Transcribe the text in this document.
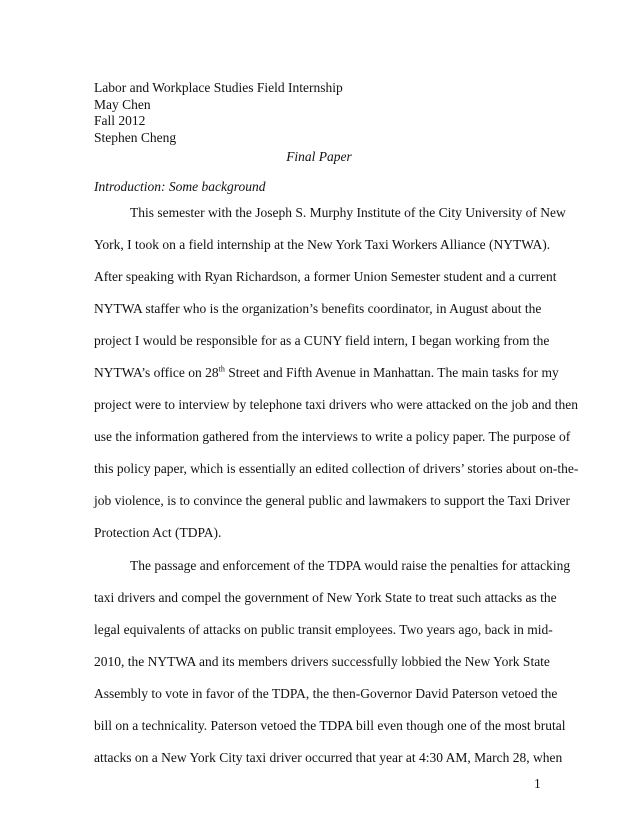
Labor and Workplace Studies Field Internship
May Chen
Fall 2012
Stephen Cheng
Final Paper
Introduction: Some background
This semester with the Joseph S. Murphy Institute of the City University of New
York, I took on a field internship at the New York Taxi Workers Alliance (NYTWA).
After speaking with Ryan Richardson, a former Union Semester student and a current
NYTWA staffer who is the organization’s benefits coordinator, in August about the
project I would be responsible for as a CUNY field intern, I began working from the
NYTWA’s office on 28th Street and Fifth Avenue in Manhattan. The main tasks for my
project were to interview by telephone taxi drivers who were attacked on the job and then
use the information gathered from the interviews to write a policy paper. The purpose of
this policy paper, which is essentially an edited collection of drivers’ stories about on-the-
job violence, is to convince the general public and lawmakers to support the Taxi Driver
Protection Act (TDPA).
The passage and enforcement of the TDPA would raise the penalties for attacking
taxi drivers and compel the government of New York State to treat such attacks as the
legal equivalents of attacks on public transit employees. Two years ago, back in mid-
2010, the NYTWA and its members drivers successfully lobbied the New York State
Assembly to vote in favor of the TDPA, the then-Governor David Paterson vetoed the
bill on a technicality. Paterson vetoed the TDPA bill even though one of the most brutal
attacks on a New York City taxi driver occurred that year at 4:30 AM, March 28, when
1
